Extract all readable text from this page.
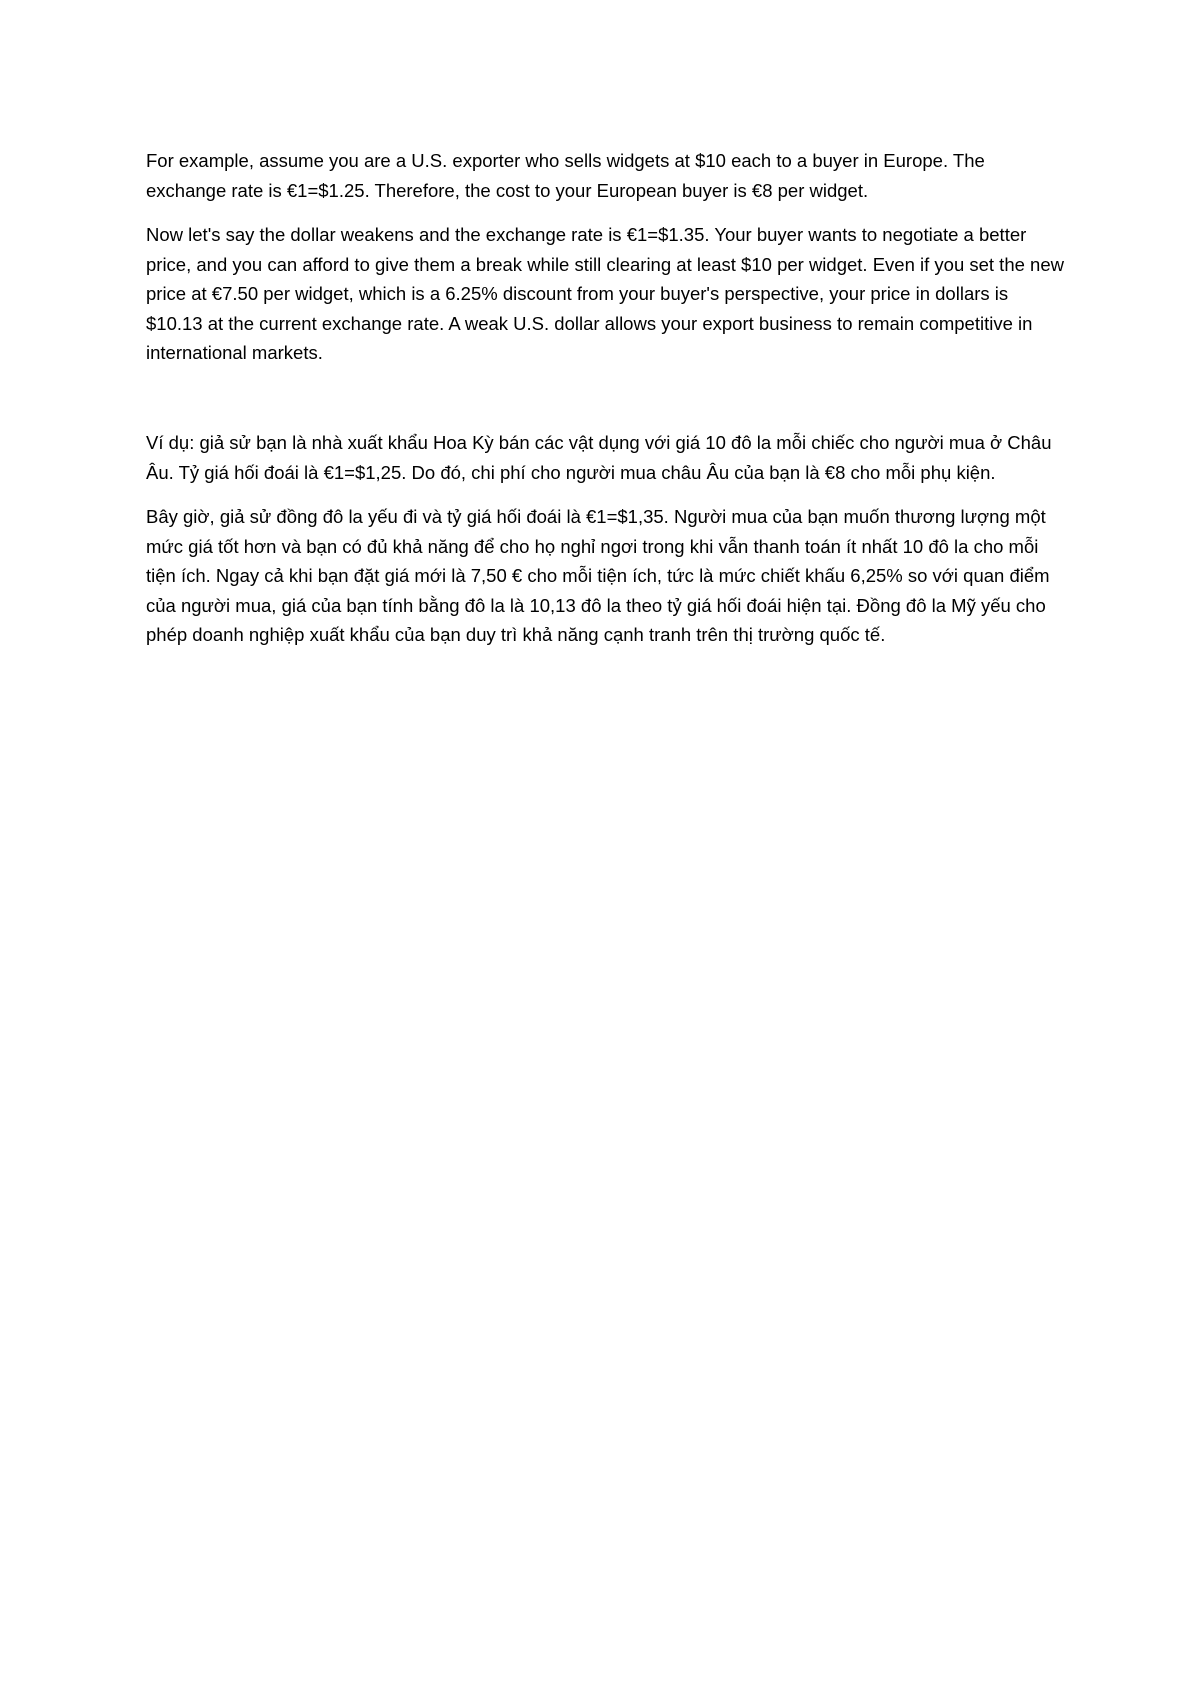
For example, assume you are a U.S. exporter who sells widgets at $10 each to a buyer in Europe. The exchange rate is €1=$1.25. Therefore, the cost to your European buyer is €8 per widget.

Now let's say the dollar weakens and the exchange rate is €1=$1.35. Your buyer wants to negotiate a better price, and you can afford to give them a break while still clearing at least $10 per widget. Even if you set the new price at €7.50 per widget, which is a 6.25% discount from your buyer's perspective, your price in dollars is $10.13 at the current exchange rate. A weak U.S. dollar allows your export business to remain competitive in international markets.

Ví dụ: giả sử bạn là nhà xuất khẩu Hoa Kỳ bán các vật dụng với giá 10 đô la mỗi chiếc cho người mua ở Châu Âu. Tỷ giá hối đoái là €1=$1,25. Do đó, chi phí cho người mua châu Âu của bạn là €8 cho mỗi phụ kiện.

Bây giờ, giả sử đồng đô la yếu đi và tỷ giá hối đoái là €1=$1,35. Người mua của bạn muốn thương lượng một mức giá tốt hơn và bạn có đủ khả năng để cho họ nghỉ ngơi trong khi vẫn thanh toán ít nhất 10 đô la cho mỗi tiện ích. Ngay cả khi bạn đặt giá mới là 7,50 € cho mỗi tiện ích, tức là mức chiết khấu 6,25% so với quan điểm của người mua, giá của bạn tính bằng đô la là 10,13 đô la theo tỷ giá hối đoái hiện tại. Đồng đô la Mỹ yếu cho phép doanh nghiệp xuất khẩu của bạn duy trì khả năng cạnh tranh trên thị trường quốc tế.
